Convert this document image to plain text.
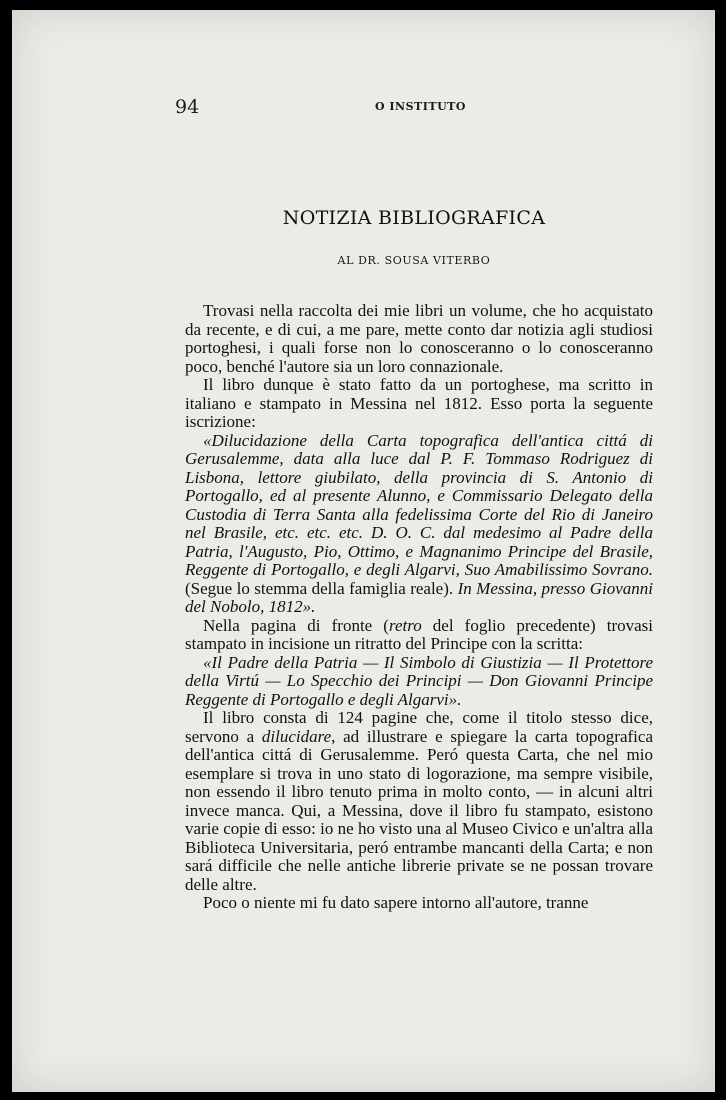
94	O INSTITUTO
NOTIZIA BIBLIOGRAFICA
AL DR. SOUSA VITERBO

Trovasi nella raccolta dei mie libri un volume, che ho acquistato da recente, e di cui, a me pare, mette conto dar notizia agli studiosi portoghesi, i quali forse non lo conosceranno o lo conosceranno poco, benché l'autore sia un loro connazionale.

Il libro dunque è stato fatto da un portoghese, ma scritto in italiano e stampato in Messina nel 1812. Esso porta la seguente iscrizione:

«Dilucidazione della Carta topografica dell'antica cittá di Gerusalemme, data alla luce dal P. F. Tommaso Rodriguez di Lisbona, lettore giubilato, della provincia di S. Antonio di Portogallo, ed al presente Alunno, e Commissario Delegato della Custodia di Terra Santa alla fedelissima Corte del Rio di Janeiro nel Brasile, etc. etc. etc. D. O. C. dal medesimo al Padre della Patria, l'Augusto, Pio, Ottimo, e Magnanimo Principe del Brasile, Reggente di Portogallo, e degli Algarvi, Suo Amabilissimo Sovrano. (Segue lo stemma della famiglia reale). In Messina, presso Giovanni del Nobolo, 1812».

Nella pagina di fronte (retro del foglio precedente) trovasi stampato in incisione un ritratto del Principe con la scritta:

«Il Padre della Patria — Il Simbolo di Giustizia — Il Protettore della Virtú — Lo Specchio dei Principi — Don Giovanni Principe Reggente di Portogallo e degli Algarvi».

Il libro consta di 124 pagine che, come il titolo stesso dice, servono a dilucidare, ad illustrare e spiegare la carta topografica dell'antica cittá di Gerusalemme. Peró questa Carta, che nel mio esemplare si trova in uno stato di logorazione, ma sempre visibile, non essendo il libro tenuto prima in molto conto, — in alcuni altri invece manca. Qui, a Messina, dove il libro fu stampato, esistono varie copie di esso: io ne ho visto una al Museo Civico e un'altra alla Biblioteca Universitaria, peró entrambe mancanti della Carta; e non sará difficile che nelle antiche librerie private se ne possan trovare delle altre.

Poco o niente mi fu dato sapere intorno all'autore, tranne
